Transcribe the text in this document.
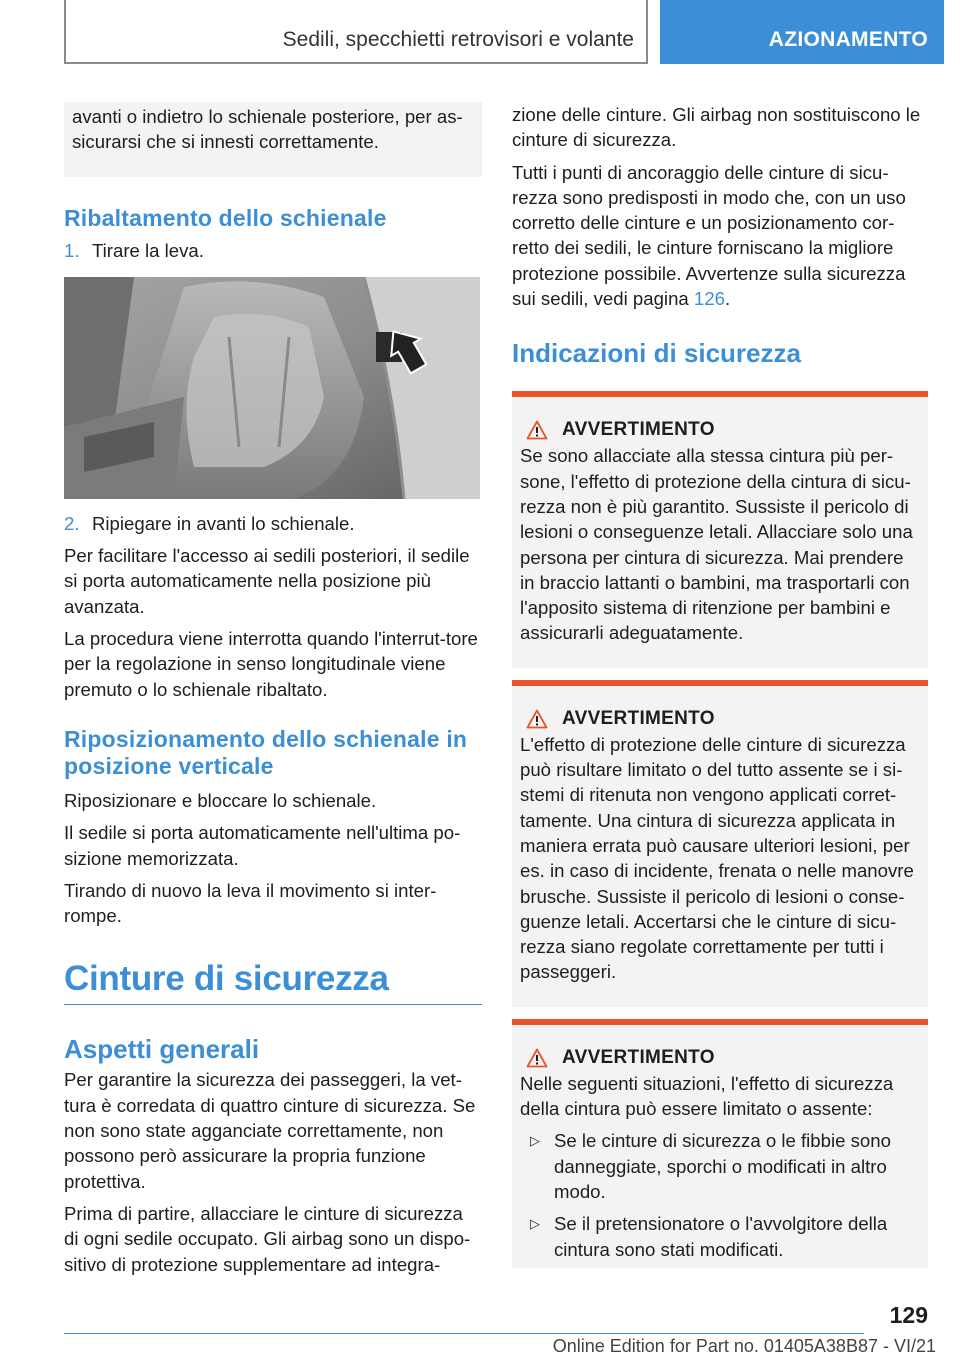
Sedili, specchietti retrovisori e volante	AZIONAMENTO

avanti o indietro lo schienale posteriore, per as-sicurarsi che si innesti correttamente.

Ribaltamento dello schienale
1. Tirare la leva.
2. Ripiegare in avanti lo schienale.

Per facilitare l'accesso ai sedili posteriori, il sedile si porta automaticamente nella posizione più avanzata.

La procedura viene interrotta quando l'interrut-tore per la regolazione in senso longitudinale viene premuto o lo schienale ribaltato.

Riposizionamento dello schienale in posizione verticale

Riposizionare e bloccare lo schienale.

Il sedile si porta automaticamente nell'ultima po-sizione memorizzata.

Tirando di nuovo la leva il movimento si inter-rompe.

Cinture di sicurezza
Aspetti generali

Per garantire la sicurezza dei passeggeri, la vet-tura è corredata di quattro cinture di sicurezza. Se non sono state agganciate correttamente, non possono però assicurare la propria funzione protettiva.

Prima di partire, allacciare le cinture di sicurezza di ogni sedile occupato. Gli airbag sono un dispo-sitivo di protezione supplementare ad integra-

zione delle cinture. Gli airbag non sostituiscono le cinture di sicurezza.

Tutti i punti di ancoraggio delle cinture di sicu-rezza sono predisposti in modo che, con un uso corretto delle cinture e un posizionamento cor-retto dei sedili, le cinture forniscano la migliore protezione possibile. Avvertenze sulla sicurezza sui sedili, vedi pagina 126.

Indicazioni di sicurezza
AVVERTIMENTO

Se sono allacciate alla stessa cintura più per-sone, l'effetto di protezione della cintura di sicu-rezza non è più garantito. Sussiste il pericolo di lesioni o conseguenze letali. Allacciare solo una persona per cintura di sicurezza. Mai prendere in braccio lattanti o bambini, ma trasportarli con l'apposito sistema di ritenzione per bambini e assicurarli adeguatamente.

AVVERTIMENTO

L'effetto di protezione delle cinture di sicurezza può risultare limitato o del tutto assente se i si-stemi di ritenuta non vengono applicati corret-tamente. Una cintura di sicurezza applicata in maniera errata può causare ulteriori lesioni, per es. in caso di incidente, frenata o nelle manovre brusche. Sussiste il pericolo di lesioni o conse-guenze letali. Accertarsi che le cinture di sicu-rezza siano regolate correttamente per tutti i passeggeri.

AVVERTIMENTO

Nelle seguenti situazioni, l'effetto di sicurezza della cintura può essere limitato o assente:

▷ Se le cinture di sicurezza o le fibbie sono danneggiate, sporchi o modificati in altro modo.
▷ Se il pretensionatore o l'avvolgitore della cintura sono stati modificati.
129
Online Edition for Part no. 01405A38B87 - VI/21
